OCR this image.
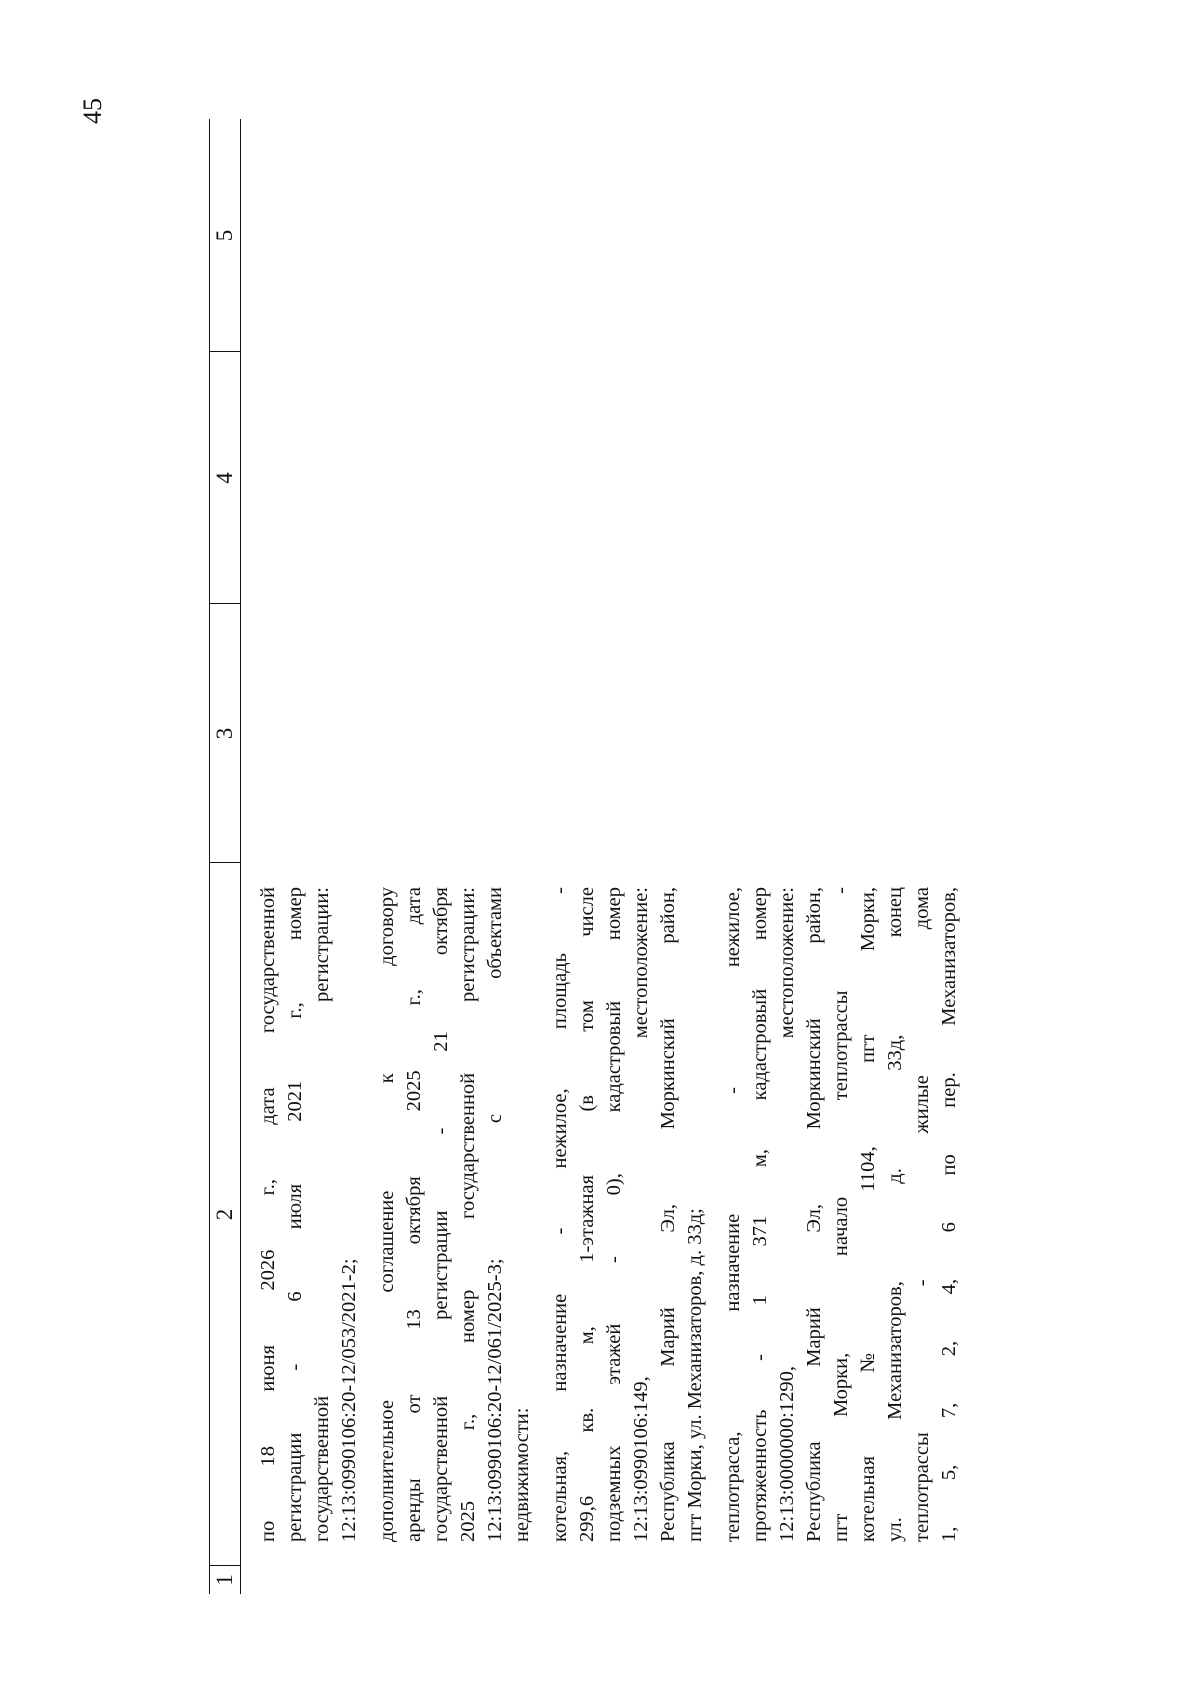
45
1
2
3
4
5

по 18 июня 2026 г., дата государственной регистрации - 6 июля 2021 г., номер государственной регистрации: 12:13:0990106:20-12/053/2021-2; дополнительное соглашение к договору аренды от 13 октября 2025 г., дата государственной регистрации - 21 октября 2025 г., номер государственной регистрации: 12:13:0990106:20-12/061/2025-3; с объектами недвижимости: котельная, назначение - нежилое, площадь - 299,6 кв. м, 1-этажная (в том числе подземных этажей - 0), кадастровый номер 12:13:0990106:149, местоположение: Республика Марий Эл, Моркинский район, пгт Морки, ул. Механизаторов, д. 33д; теплотрасса, назначение - нежилое, протяженность - 1 371 м, кадастровый номер 12:13:0000000:1290, местоположение: Республика Марий Эл, Моркинский район, пгт Морки, начало теплотрассы - котельная № 1104, пгт Морки, ул. Механизаторов, д. 33д, конец теплотрассы - жилые дома 1, 5, 7, 2, 4, 6 по пер. Механизаторов,
